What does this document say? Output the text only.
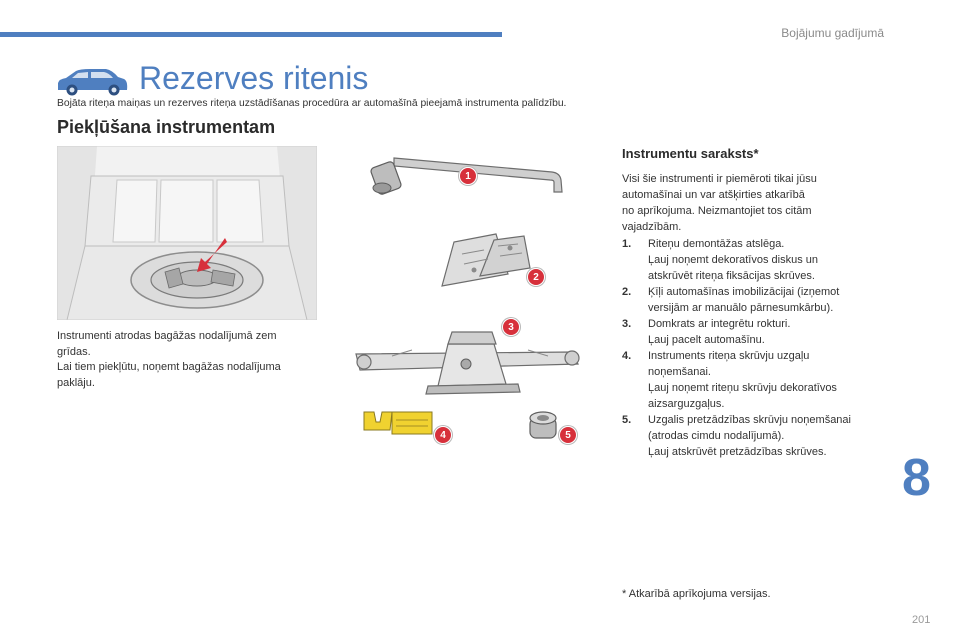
Bojājumu gadījumā
Rezerves ritenis
Bojāta riteņa maiņas un rezerves riteņa uzstādīšanas procedūra ar automašīnā pieejamā instrumenta palīdzību.
Piekļūšana instrumentam
Instrumenti atrodas bagāžas nodalījumā zem
grīdas.
Lai tiem piekļūtu, noņemt bagāžas nodalījuma
paklāju.
1
2
3
4	5
Instrumentu saraksts*
Visi šie instrumenti ir piemēroti tikai jūsu
automašīnai un var atšķirties atkarībā
no aprīkojuma. Neizmantojiet tos citām
vajadzībām.
1.	Riteņu demontāžas atslēga.
Ļauj noņemt dekoratīvos diskus un
atskrūvēt riteņa fiksācijas skrūves.
2.	Ķīļi automašīnas imobilizācijai (izņemot
versijām ar manuālo pārnesumkārbu).
3.	Domkrats ar integrētu rokturi.
Ļauj pacelt automašīnu.
4.	Instruments riteņa skrūvju uzgaļu
noņemšanai.
Ļauj noņemt riteņu skrūvju dekoratīvos
aizsarguzgaļus.
5.	Uzgalis pretzādzības skrūvju noņemšanai
(atrodas cimdu nodalījumā).
Ļauj atskrūvēt pretzādzības skrūves.
* Atkarībā aprīkojuma versijas.
8
201
